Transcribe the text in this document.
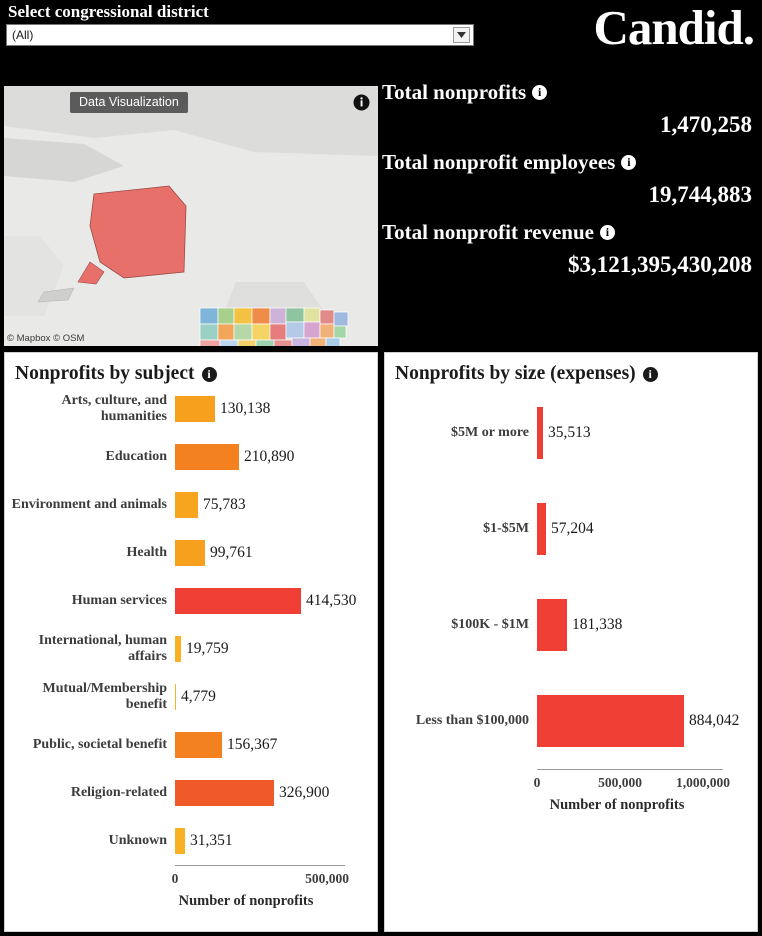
Select congressional district
(All)	Candid.
Data Visualization
© Mapbox © OSM
Total nonprofits i
1,470,258
Total nonprofit employees i
19,744,883
Total nonprofit revenue i
$3,121,395,430,208
Nonprofits by subject	i
Arts, culture, and humanities	130,138
Education	210,890
Environment and animals	75,783
Health	99,761
Human services	414,530
International, human affairs	19,759
Mutual/Membership benefit 4,779
Public, societal benefit	156,367
Religion-related	326,900
Unknown	31,351
0	500,000
Number of nonprofits
Nonprofits by size (expenses)	i
$5M or more	35,513
$1-$5M	57,204
$100K - $1M	181,338
Less than $100,000	884,042
0	500,000	1,000,000
Number of nonprofits
